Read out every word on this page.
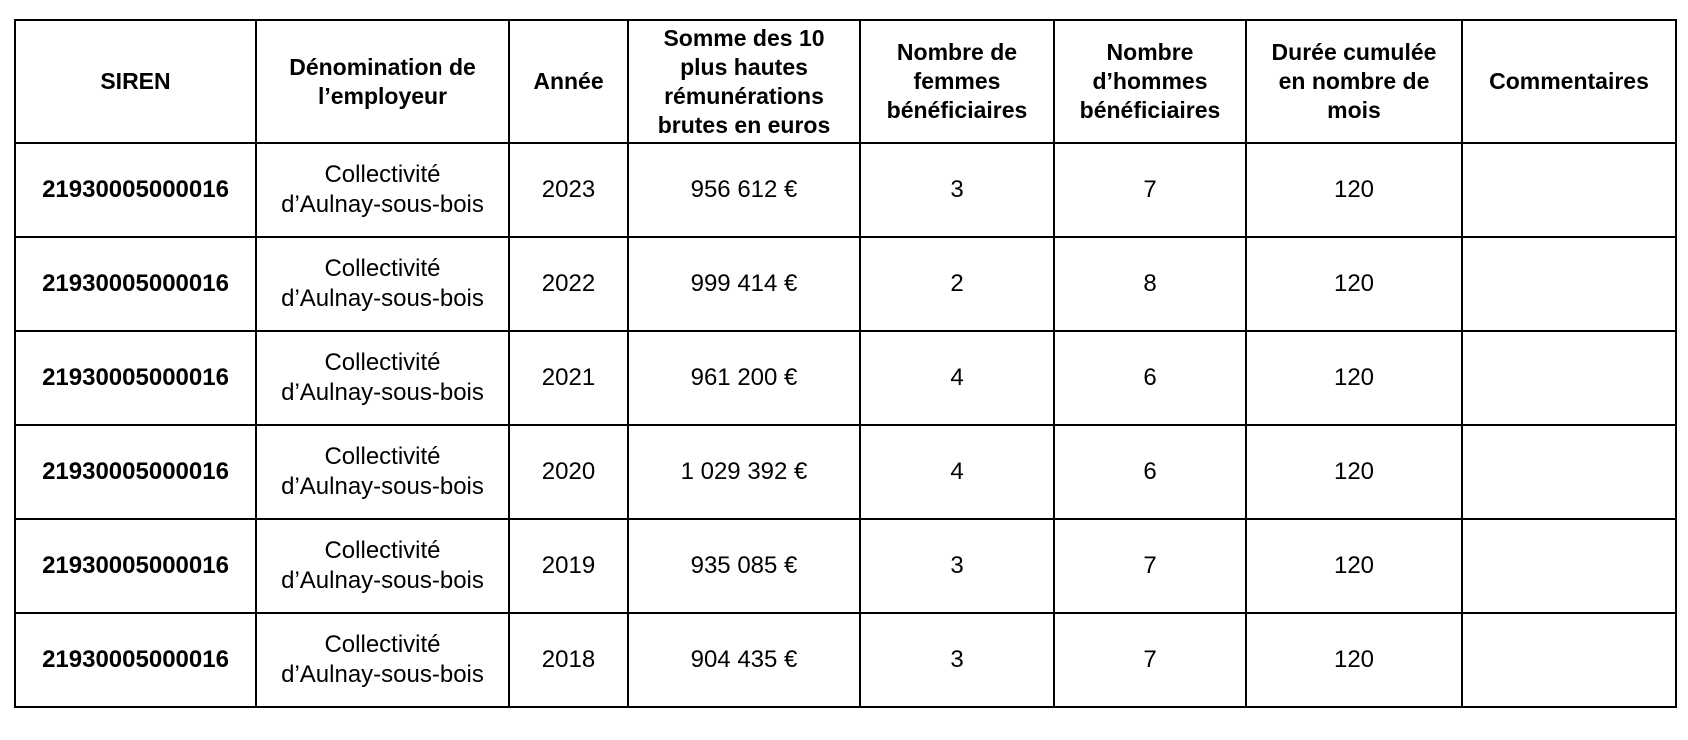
SIREN	Dénomination de
l’employeur	Année	Somme des 10
plus hautes
rémunérations
brutes en euros	Nombre de
femmes
bénéficiaires	Nombre
d’hommes
bénéficiaires	Durée cumulée
en nombre de
mois	Commentaires
21930005000016	Collectivité
d’Aulnay-sous-bois	2023	956 612 €	3	7	120	
21930005000016	Collectivité
d’Aulnay-sous-bois	2022	999 414 €	2	8	120	
21930005000016	Collectivité
d’Aulnay-sous-bois	2021	961 200 €	4	6	120	
21930005000016	Collectivité
d’Aulnay-sous-bois	2020	1 029 392 €	4	6	120	
21930005000016	Collectivité
d’Aulnay-sous-bois	2019	935 085 €	3	7	120	
21930005000016	Collectivité
d’Aulnay-sous-bois	2018	904 435 €	3	7	120	
